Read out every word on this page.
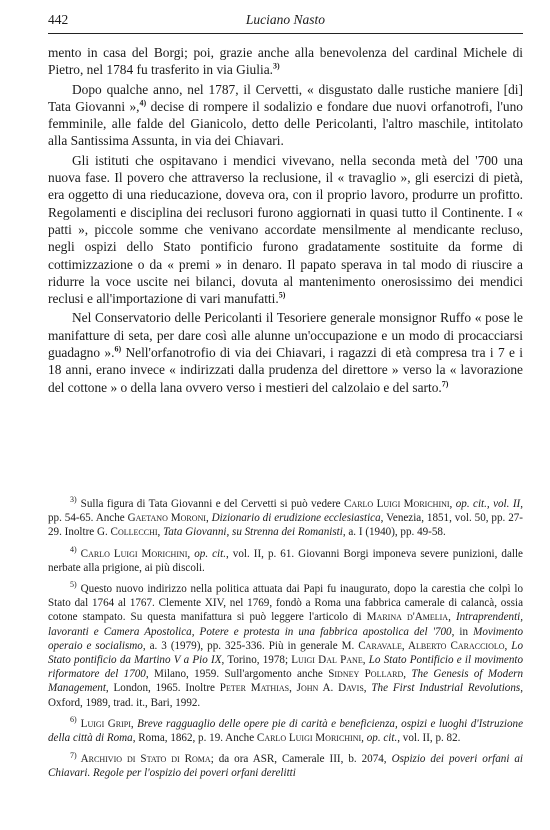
442	Luciano Nasto

mento in casa del Borgi; poi, grazie anche alla benevolenza del cardinal Michele di Pietro, nel 1784 fu trasferito in via Giulia.$^{3)}$

Dopo qualche anno, nel 1787, il Cervetti, « disgustato dalle rustiche maniere [di] Tata Giovanni »,$^{4)}$ decise di rompere il sodalizio e fondare due nuovi orfanotrofi, l'uno femminile, alle falde del Gianicolo, detto delle Pericolanti, l'altro maschile, intitolato alla Santissima Assunta, in via dei Chiavari.

Gli istituti che ospitavano i mendici vivevano, nella seconda metà del '700 una nuova fase. Il povero che attraverso la reclusione, il « travaglio », gli esercizi di pietà, era oggetto di una rieducazione, doveva ora, con il proprio lavoro, produrre un profitto. Regolamenti e disciplina dei reclusori furono aggiornati in quasi tutto il Continente. I « patti », piccole somme che venivano accordate mensilmente al mendicante recluso, negli ospizi dello Stato pontificio furono gradatamente sostituite da forme di cottimizzazione o da « premi » in denaro. Il papato sperava in tal modo di riuscire a ridurre la voce uscite nei bilanci, dovuta al mantenimento onerosissimo dei mendici reclusi e all'importazione di vari manufatti.$^{5)}$

Nel Conservatorio delle Pericolanti il Tesoriere generale monsignor Ruffo « pose le manifatture di seta, per dare così alle alunne un'occupazione e un modo di procacciarsi guadagno ».$^{6)}$ Nell'orfanotrofio di via dei Chiavari, i ragazzi di età compresa tra i 7 e i 18 anni, erano invece « indirizzati dalla prudenza del direttore » verso la « lavorazione del cottone » o della lana ovvero verso i mestieri del calzolaio e del sarto.$^{7)}$

$^{3)}$ Sulla figura di Tata Giovanni e del Cervetti si può vedere Carlo Luigi Morichini, op. cit., vol. II, pp. 54-65. Anche Gaetano Moroni, Dizionario di erudizione ecclesiastica, Venezia, 1851, vol. 50, pp. 27-29. Inoltre G. Collecchi, Tata Giovanni, su Strenna dei Romanisti, a. I (1940), pp. 49-58.

$^{4)}$ Carlo Luigi Morichini, op. cit., vol. II, p. 61. Giovanni Borgi imponeva severe punizioni, dalle nerbate alla prigione, ai più discoli.

$^{5)}$ Questo nuovo indirizzo nella politica attuata dai Papi fu inaugurato, dopo la carestia che colpì lo Stato dal 1764 al 1767. Clemente XIV, nel 1769, fondò a Roma una fabbrica camerale di calancà, ossia cotone stampato. Su questa manifattura si può leggere l'articolo di Marina d'Amelia, Intraprendenti, lavoranti e Camera Apostolica, Potere e protesta in una fabbrica apostolica del '700, in Movimento operaio e socialismo, a. 3 (1979), pp. 325-336. Più in generale M. Caravale, Alberto Caracciolo, Lo Stato pontificio da Martino V a Pio IX, Torino, 1978; Luigi Dal Pane, Lo Stato Pontificio e il movimento riformatore del 1700, Milano, 1959. Sull'argomento anche Sidney Pollard, The Genesis of Modern Management, London, 1965. Inoltre Peter Mathias, John A. Davis, The First Industrial Revolutions, Oxford, 1989, trad. it., Bari, 1992.

$^{6)}$ Luigi Gripi, Breve ragguaglio delle opere pie di carità e beneficienza, ospizi e luoghi d'Istruzione della città di Roma, Roma, 1862, p. 19. Anche Carlo Luigi Morichini, op. cit., vol. II, p. 82.

$^{7)}$ Archivio di Stato di Roma; da ora ASR, Camerale III, b. 2074, Ospizio dei poveri orfani ai Chiavari. Regole per l'ospizio dei poveri orfani derelitti
